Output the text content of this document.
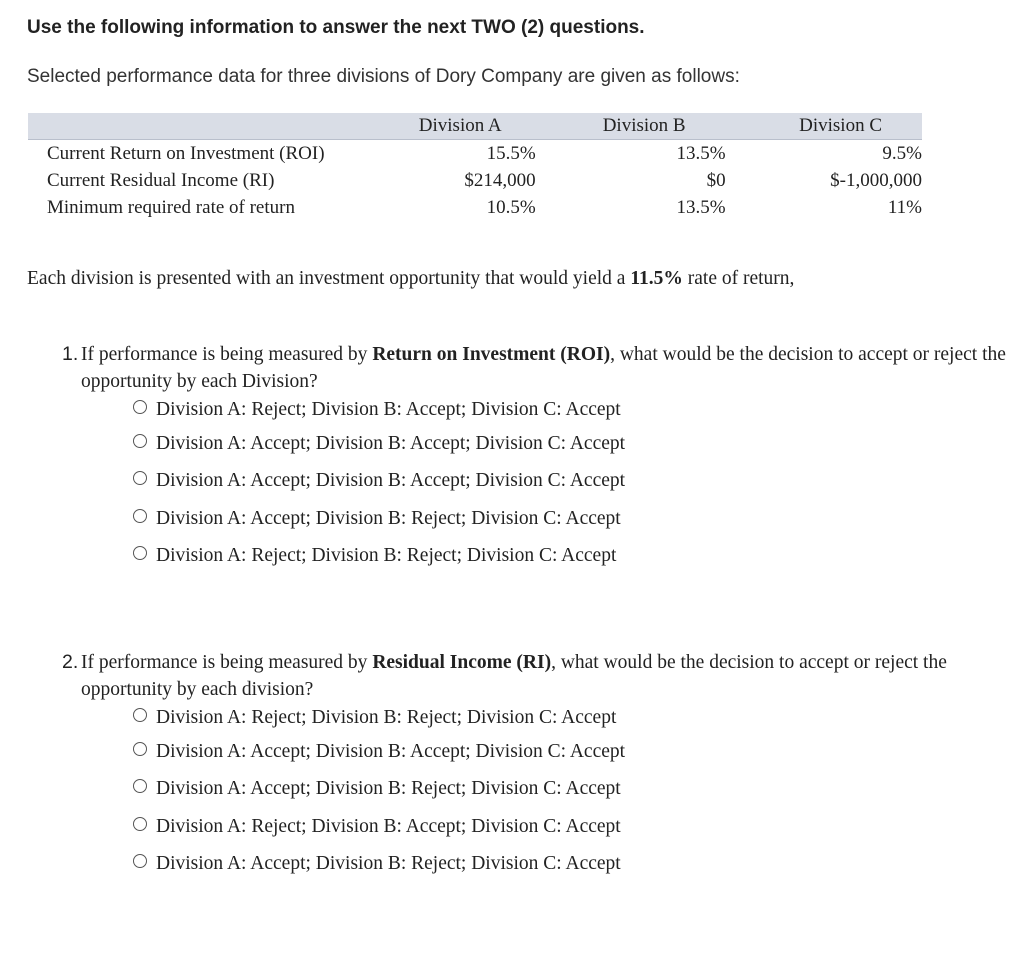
Use the following information to answer the next TWO (2) questions.

Selected performance data for three divisions of Dory Company are given as follows:

	Division A	Division B	Division C
Current Return on Investment (ROI)	15.5%	13.5%	9.5%
Current Residual Income (RI)	$214,000	$0	$-1,000,000
Minimum required rate of return	10.5%	13.5%	11%

Each division is presented with an investment opportunity that would yield a 11.5% rate of return,

1. If performance is being measured by Return on Investment (ROI), what would be the decision to accept or reject the opportunity by each Division?
Division A: Reject; Division B: Accept; Division C: Accept
Division A: Accept; Division B: Accept; Division C: Accept
Division A: Accept; Division B: Accept; Division C: Accept
Division A: Accept; Division B: Reject; Division C: Accept
Division A: Reject; Division B: Reject; Division C: Accept
2. If performance is being measured by Residual Income (RI), what would be the decision to accept or reject the opportunity by each division?
Division A: Reject; Division B: Reject; Division C: Accept
Division A: Accept; Division B: Accept; Division C: Accept
Division A: Accept; Division B: Reject; Division C: Accept
Division A: Reject; Division B: Accept; Division C: Accept
Division A: Accept; Division B: Reject; Division C: Accept
